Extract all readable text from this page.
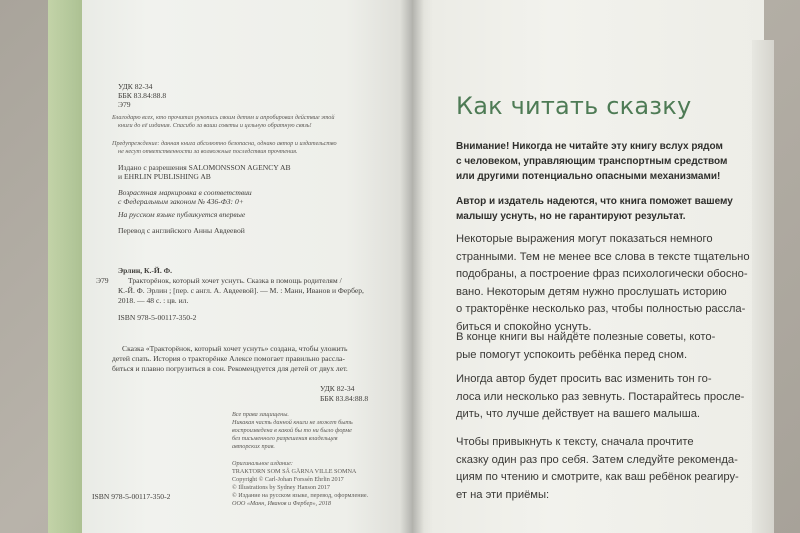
УДК 82-34
ББК 83.84:88.8
Э79
Благодарю всех, кто прочитал рукопись своим детям и апробировал действие этой
книги до её издания. Спасибо за ваши советы и цельную обратную связь!
Предупреждение: данная книга абсолютно безопасна, однако автор и издательство
не несут ответственности за возможные последствия прочтения.
Издано с разрешения SALOMONSSON AGENCY AB
и EHRLIN PUBLISHING AB
Возрастная маркировка в соответствии
с Федеральным законом № 436-ФЗ: 0+
На русском языке публикуется впервые
Перевод с английского Анны Авдеевой
Эрлин, К.-Й. Ф.
Э79	Трактoрёнок, который хочет уснуть. Сказка в помощь родителям /
К.-Й. Ф. Эрлин ; [пер. с англ. А. Авдеевой]. — М. : Манн, Иванов и Фербер,
2018. — 48 с. : цв. ил.
ISBN 978-5-00117-350-2
Сказка «Трактoрёнок, который хочет уснуть» создана, чтобы уложить
детей спать. История о трактoрёнке Алексе помогает правильно рассла-
биться и плавно погрузиться в сон. Рекомендуется для детей от двух лет.
УДК 82-34
ББК 83.84:88.8
Все права защищены.
Никакая часть данной книги не может быть
воспроизведена в какой бы то ни было форме
без письменного разрешения владельцев
авторских прав.
Оригинальное издание:
TRAKTORN SOM SÅ GÄRNA VILLE SOMNA
Copyright © Carl-Johan Forssén Ehrlin 2017
© Illustrations by Sydney Hanson 2017
© Издание на русском языке, перевод, оформление.
ООО «Манн, Иванов и Фербер», 2018
ISBN 978-5-00117-350-2
Как читать сказку
Внимание! Никогда не читайте эту книгу вслух рядом
с человеком, управляющим транспортным средством
или другими потенциально опасными механизмами!
Автор и издатель надеются, что книга поможет вашему
малышу уснуть, но не гарантируют результат.
Некоторые выражения могут показаться немного
странными. Тем не менее все слова в тексте тщательно
подобраны, а построение фраз психологически обосно-
вано. Некоторым детям нужно прослушать историю
о трактoрёнке несколько раз, чтобы полностью рассла-
биться и спокойно уснуть.
В конце книги вы найдёте полезные советы, кото-
рые помогут успокоить ребёнка перед сном.
Иногда автор будет просить вас изменить тон го-
лоса или несколько раз зевнуть. Постарайтесь просле-
дить, что лучше действует на вашего малыша.
Чтобы привыкнуть к тексту, сначала прочтите
сказку один раз про себя. Затем следуйте рекоменда-
циям по чтению и смотрите, как ваш ребёнок реагиру-
ет на эти приёмы:
